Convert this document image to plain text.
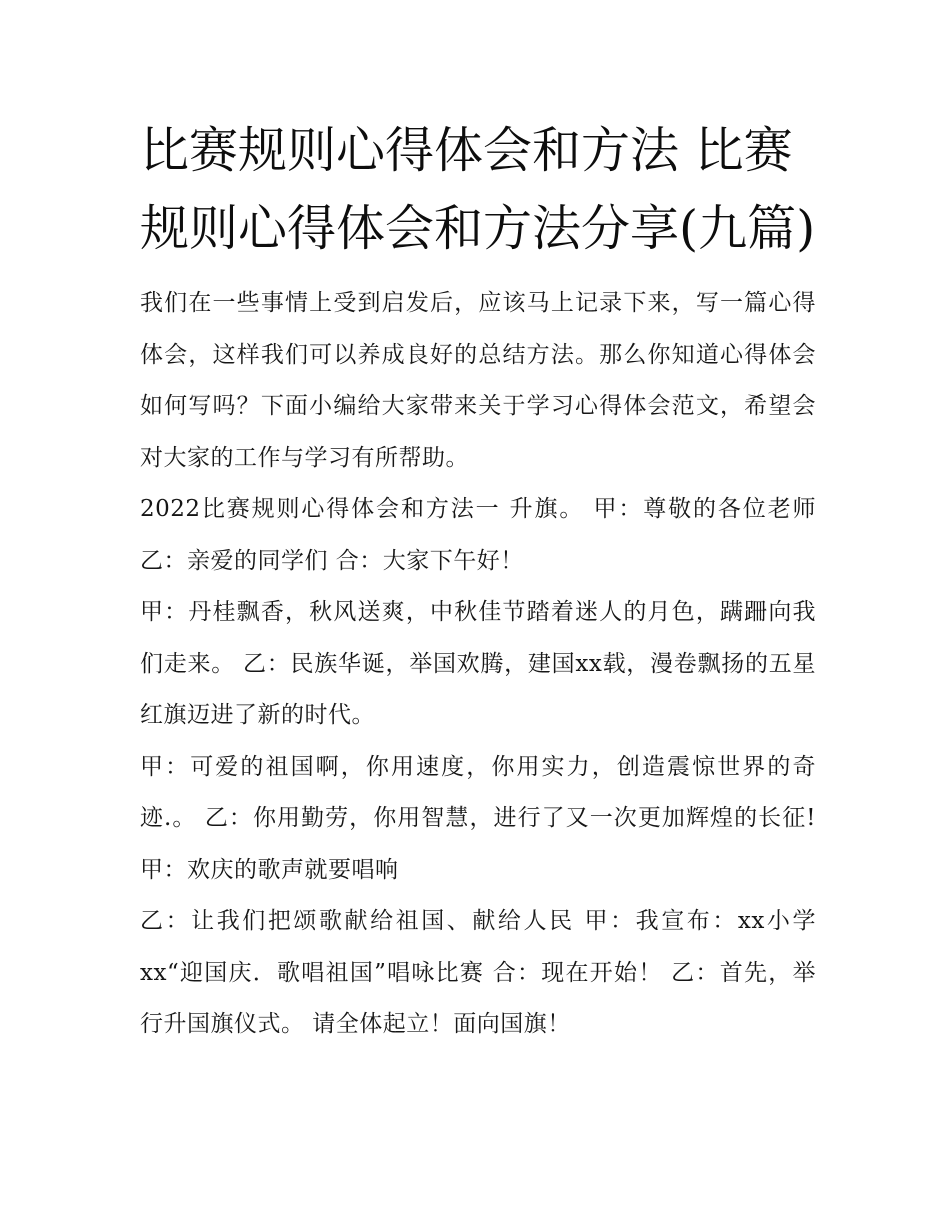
比赛规则心得体会和方法 比赛规则心得体会和方法分享(九篇)

我们在一些事情上受到启发后，应该马上记录下来，写一篇心得体会，这样我们可以养成良好的总结方法。那么你知道心得体会如何写吗？下面小编给大家带来关于学习心得体会范文，希望会对大家的工作与学习有所帮助。

2022比赛规则心得体会和方法一 升旗。 甲：尊敬的各位老师 乙：亲爱的同学们 合：大家下午好！

甲：丹桂飘香，秋风送爽，中秋佳节踏着迷人的月色，蹒跚向我们走来。 乙：民族华诞，举国欢腾，建国xx载，漫卷飘扬的五星红旗迈进了新的时代。

甲：可爱的祖国啊，你用速度，你用实力，创造震惊世界的奇迹.。 乙：你用勤劳，你用智慧，进行了又一次更加辉煌的长征! 甲：欢庆的歌声就要唱响

乙：让我们把颂歌献给祖国、献给人民 甲：我宣布：xx小学xx“迎国庆．歌唱祖国”唱咏比赛 合：现在开始！ 乙：首先，举行升国旗仪式。 请全体起立！面向国旗！
